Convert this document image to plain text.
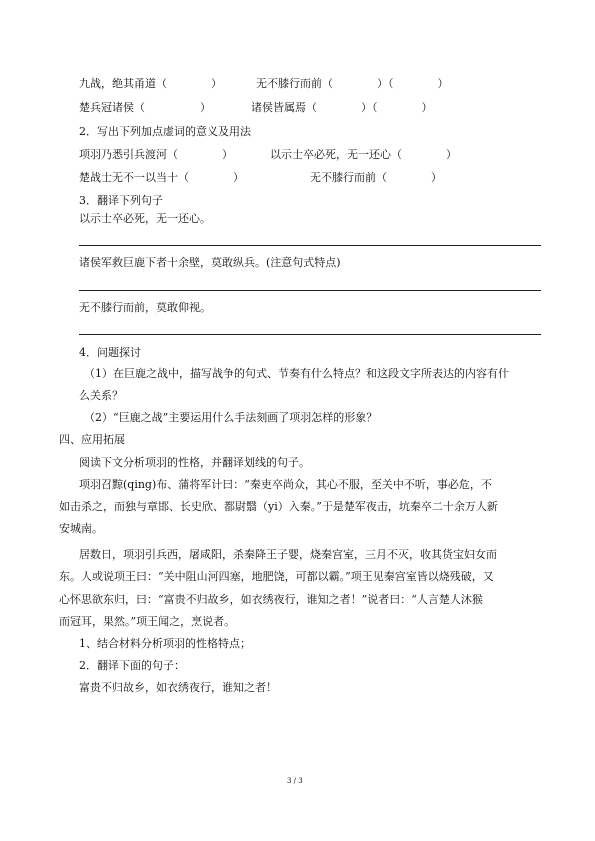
九战，绝其甬道（　　　　）	无不膝行而前（　　　　）（　　　　）
楚兵冠诸侯（　　　　　）	诸侯皆属焉（　　　　）（　　　　）
2．写出下列加点虚词的意义及用法
项羽乃悉引兵渡河（　　　　）	以示士卒必死，无一还心（　　　　）
楚战士无不一以当十（　　　　）	无不膝行而前（　　　　）
3．翻译下列句子
以示士卒必死，无一还心。
诸侯军救巨鹿下者十余壁，莫敢纵兵。(注意句式特点)
无不膝行而前，莫敢仰视。
4．问题探讨
（1）在巨鹿之战中，描写战争的句式、节奏有什么特点？和这段文字所表达的内容有什
么关系？
（2）“巨鹿之战”主要运用什么手法刻画了项羽怎样的形象？
四、应用拓展
阅读下文分析项羽的性格，并翻译划线的句子。
项羽召黥(qing)布、蒲将军计曰：“秦吏卒尚众，其心不服，至关中不听，事必危，不
如击杀之，而独与章邯、长史欣、都尉翳（yi）入秦。”于是楚军夜击，坑秦卒二十余万人新
安城南。
居数日，项羽引兵西，屠咸阳，杀秦降王子婴，烧秦宫室，三月不灭，收其货宝妇女而
东。人或说项王曰：“关中阻山河四塞，地肥饶，可都以霸。”项王见秦宫室皆以烧残破，又
心怀思欲东归，曰：“富贵不归故乡，如衣绣夜行，谁知之者！”说者曰：“人言楚人沐猴
而冠耳，果然。”项王闻之，烹说者。
1、结合材料分析项羽的性格特点；
2．翻译下面的句子：
富贵不归故乡，如衣绣夜行，谁知之者！
3 / 3
